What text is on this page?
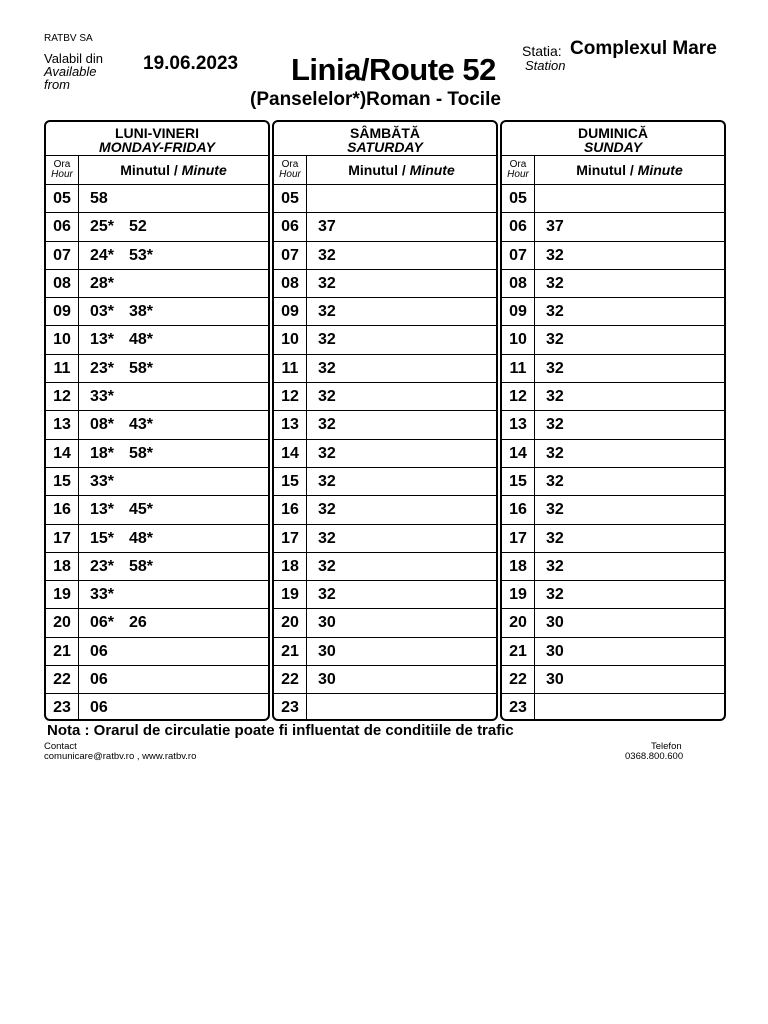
RATBV SA
Valabil din
Available
from
19.06.2023 Linia/Route 52
(Panselelor*)Roman - Tocile
Statia: Complexul Mare
Station
LUNI-VINERI
MONDAY-FRIDAY
Ora
Hour	Minutul / Minute
05	58
06	25* 52
07	24* 53*
08	28*
09	03* 38*
10	13* 48*
11	23* 58*
12	33*
13	08* 43*
14	18* 58*
15	33*
16	13* 45*
17	15* 48*
18	23* 58*
19	33*
20	06* 26
21	06
22	06
23	06
SÂMBĂTĂ
SATURDAY
Ora
Hour	Minutul / Minute
05
06	37
07	32
08	32
09	32
10	32
11	32
12	32
13	32
14	32
15	32
16	32
17	32
18	32
19	32
20	30
21	30
22	30
23
DUMINICĂ
SUNDAY
Ora
Hour	Minutul / Minute
05
06	37
07	32
08	32
09	32
10	32
11	32
12	32
13	32
14	32
15	32
16	32
17	32
18	32
19	32
20	30
21	30
22	30
23
Nota : Orarul de circulatie poate fi influentat de conditiile de trafic
Contact
comunicare@ratbv.ro , www.ratbv.ro
Telefon
0368.800.600
